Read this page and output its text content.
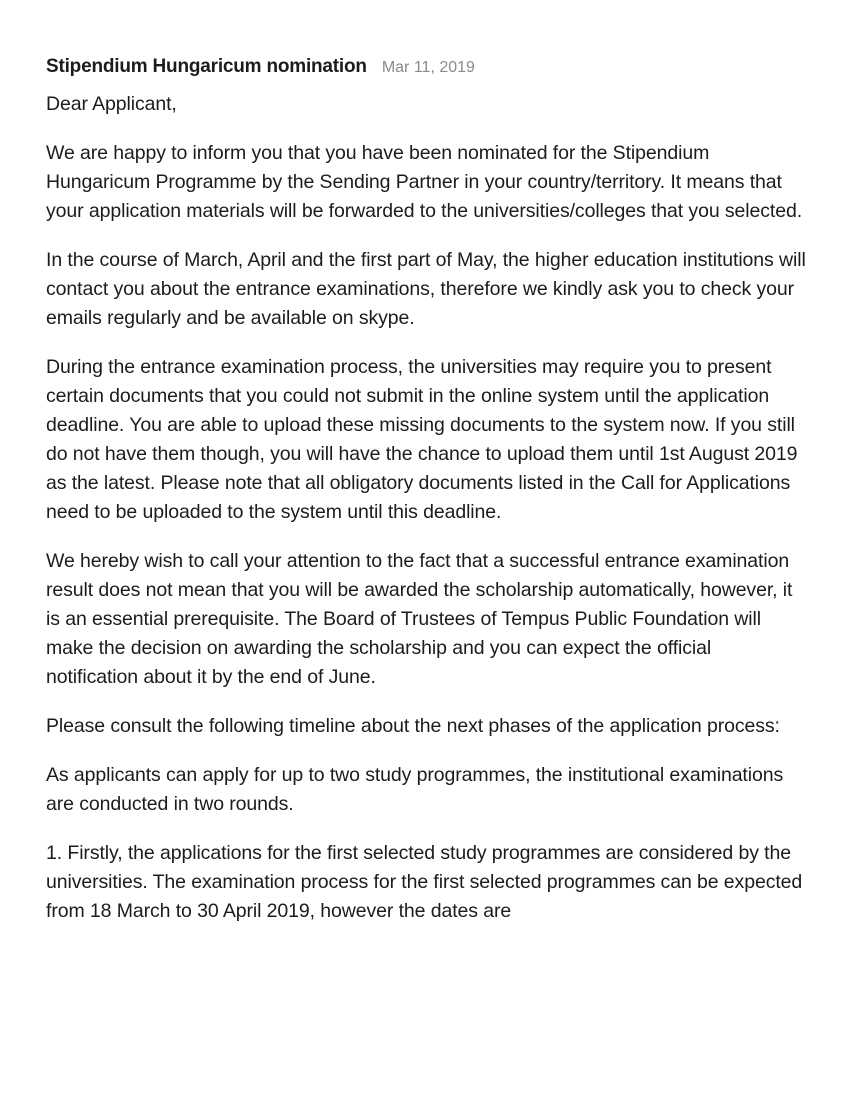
Stipendium Hungaricum nomination Mar 11, 2019

Dear Applicant,

We are happy to inform you that you have been nominated for the Stipendium Hungaricum Programme by the Sending Partner in your country/territory. It means that your application materials will be forwarded to the universities/colleges that you selected.

In the course of March, April and the first part of May, the higher education institutions will contact you about the entrance examinations, therefore we kindly ask you to check your emails regularly and be available on skype.

During the entrance examination process, the universities may require you to present certain documents that you could not submit in the online system until the application deadline. You are able to upload these missing documents to the system now. If you still do not have them though, you will have the chance to upload them until 1st August 2019 as the latest. Please note that all obligatory documents listed in the Call for Applications need to be uploaded to the system until this deadline.

We hereby wish to call your attention to the fact that a successful entrance examination result does not mean that you will be awarded the scholarship automatically, however, it is an essential prerequisite. The Board of Trustees of Tempus Public Foundation will make the decision on awarding the scholarship and you can expect the official notification about it by the end of June.

Please consult the following timeline about the next phases of the application process:

As applicants can apply for up to two study programmes, the institutional examinations are conducted in two rounds.

1. Firstly, the applications for the first selected study programmes are considered by the universities. The examination process for the first selected programmes can be expected from 18 March to 30 April 2019, however the dates are
